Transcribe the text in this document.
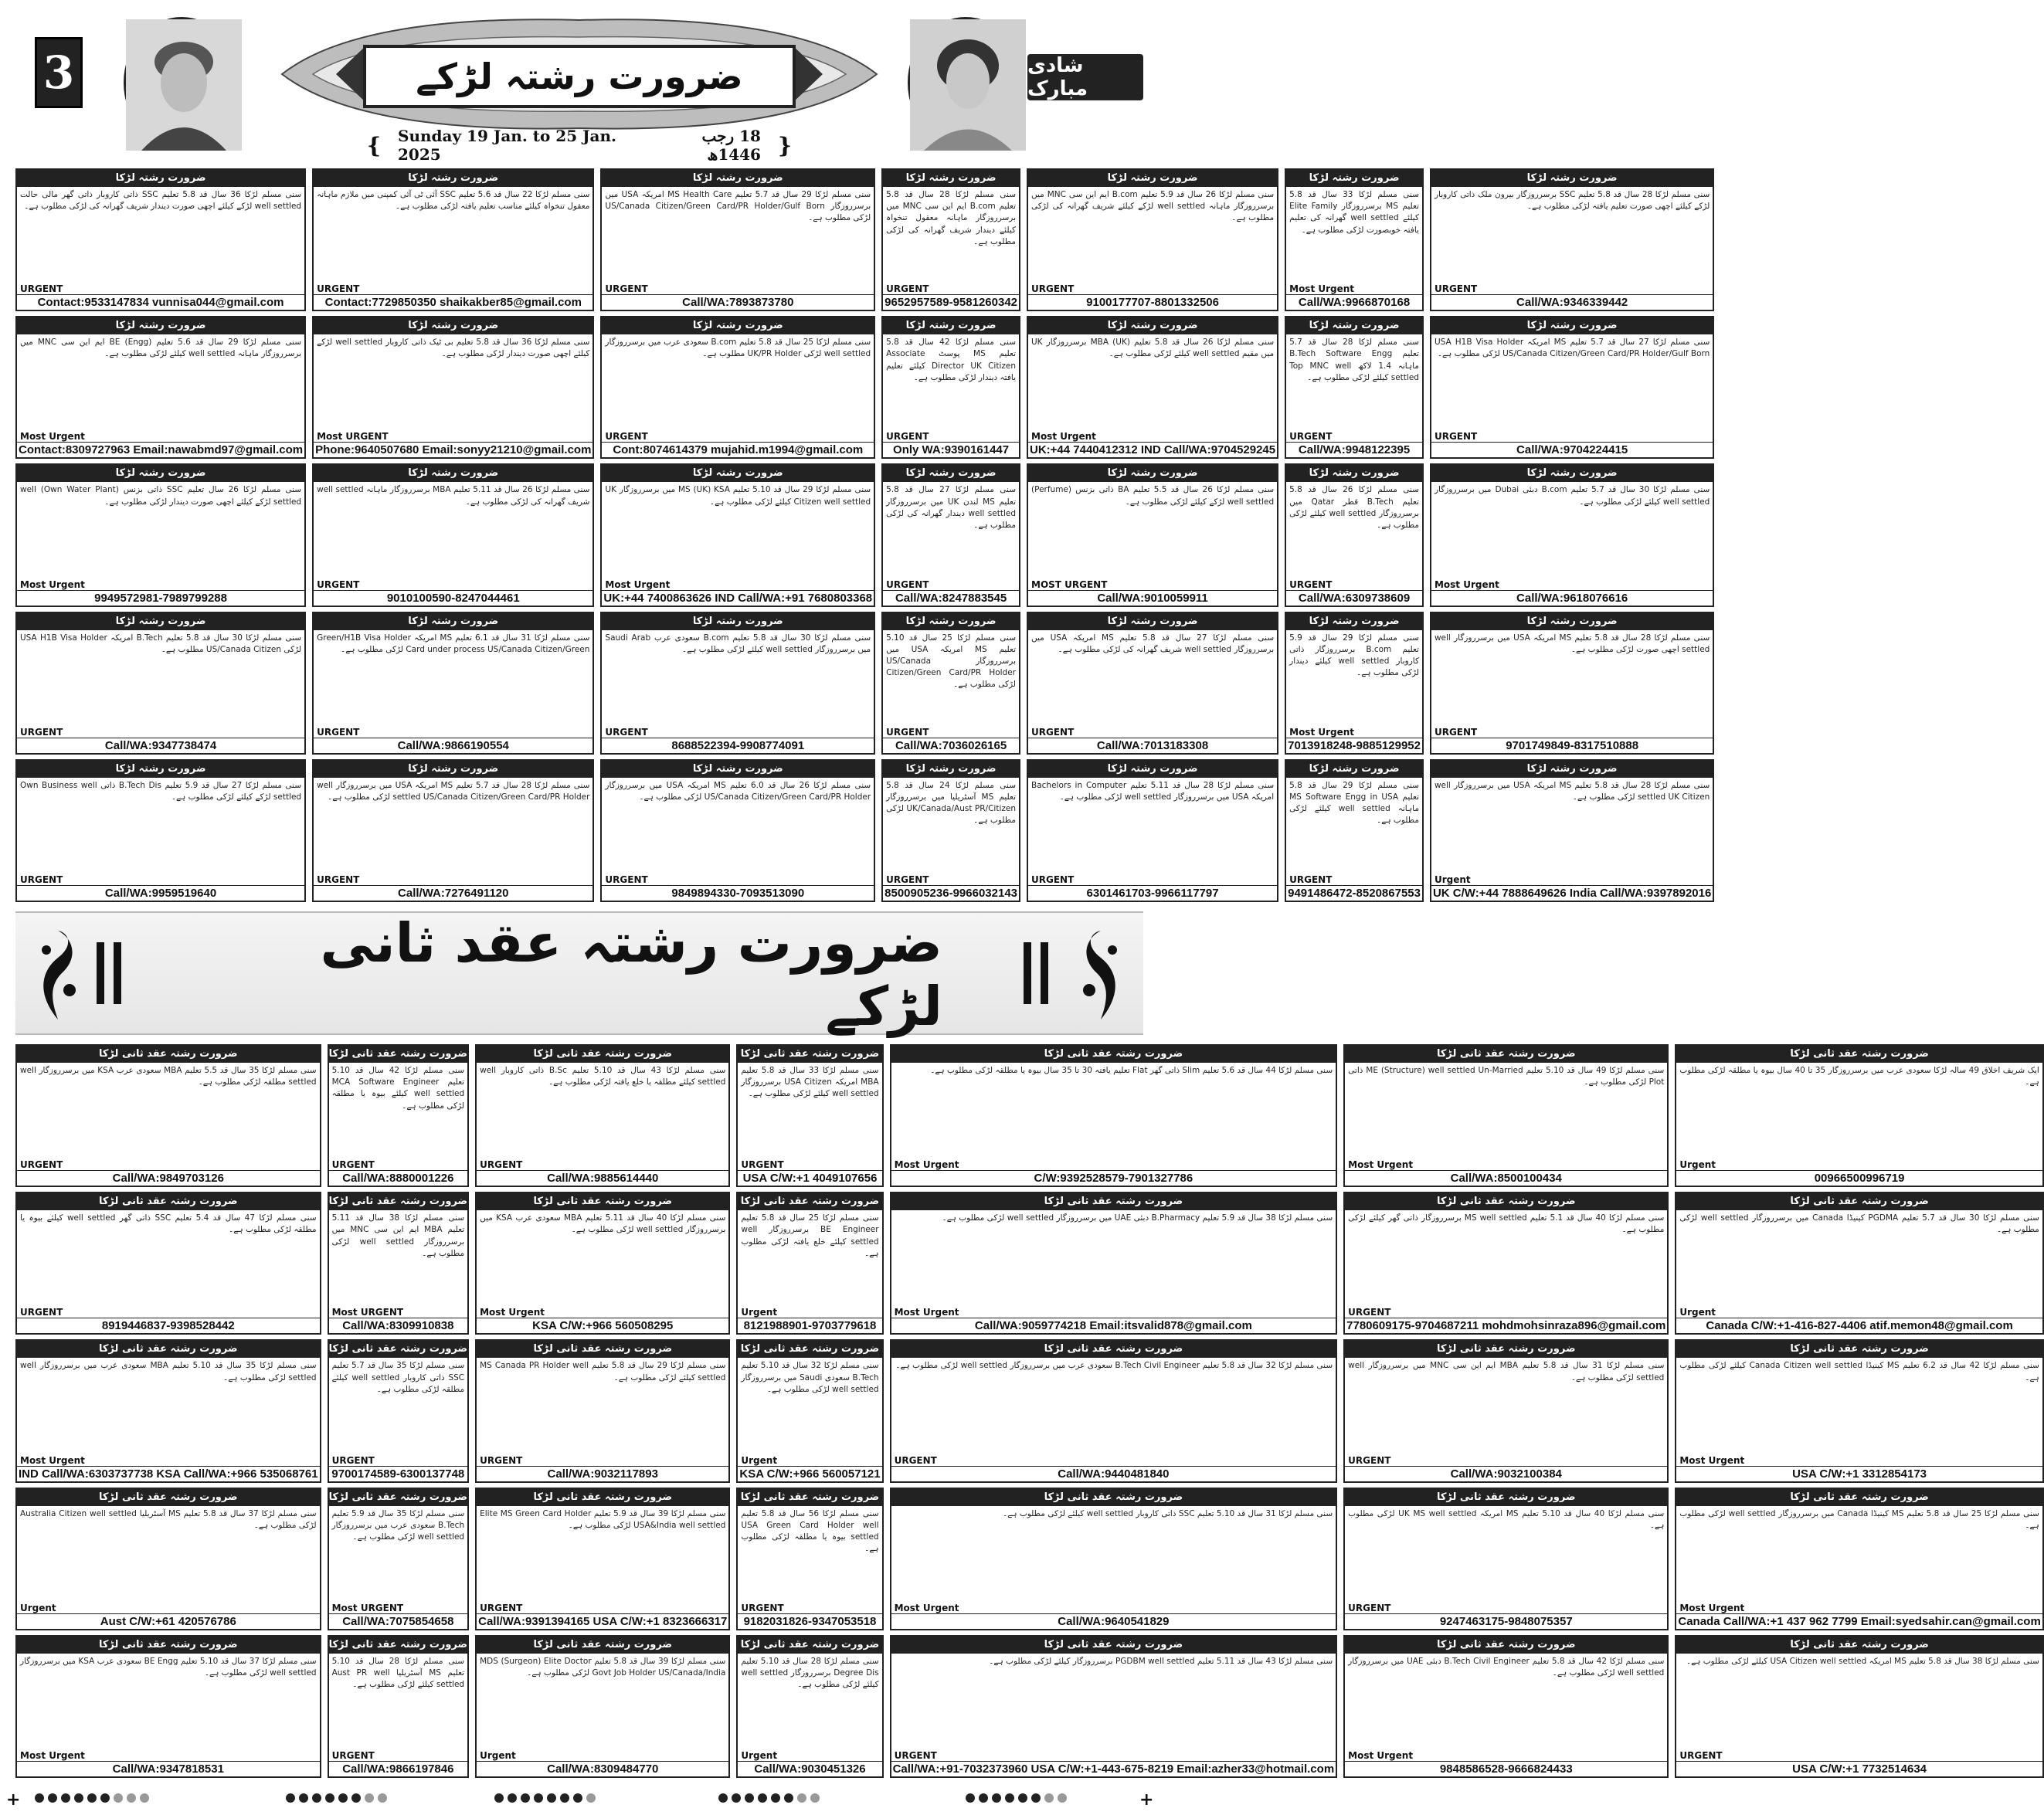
3	ضرورت رشتہ لڑکے	شادی مبارک
{ Sunday 19 Jan. to 25 Jan. 2025
18 رجب 1446ھ }
ضرورت رشتہ لڑکا
سنی مسلم لڑکا 36 سال قد 5.8 تعلیم SSC ذاتی کاروبار ذاتی گھر مالی حالت well settled لڑکے کیلئے اچھی صورت دیندار شریف گھرانہ کی لڑکی مطلوب ہے۔
URGENT
Contact:9533147834 vunnisa044@gmail.com
ضرورت رشتہ لڑکا
سنی مسلم لڑکا 22 سال قد 5.6 تعلیم SSC آئی ٹی آئی کمپنی میں ملازم ماہانہ معقول تنخواہ کیلئے مناسب تعلیم یافتہ لڑکی مطلوب ہے۔
URGENT
Contact:7729850350 shaikakber85@gmail.com
ضرورت رشتہ لڑکا
سنی مسلم لڑکا 29 سال قد 5.7 تعلیم MS Health Care امریکہ USA میں برسرروزگار US/Canada Citizen/Green Card/PR Holder/Gulf Born لڑکی مطلوب ہے۔
URGENT
Call/WA:7893873780
ضرورت رشتہ لڑکا
سنی مسلم لڑکا 28 سال قد 5.8 تعلیم B.com ایم این سی MNC میں برسرروزگار ماہانہ معقول تنخواہ کیلئے دیندار شریف گھرانہ کی لڑکی مطلوب ہے۔
URGENT
9652957589-9581260342
ضرورت رشتہ لڑکا
سنی مسلم لڑکا 26 سال قد 5.9 تعلیم B.com ایم این سی MNC میں برسرروزگار ماہانہ well settled لڑکے کیلئے شریف گھرانہ کی لڑکی مطلوب ہے۔
URGENT
9100177707-8801332506
ضرورت رشتہ لڑکا
سنی مسلم لڑکا 33 سال قد 5.8 تعلیم MS برسرروزگار Elite Family کیلئے well settled گھرانہ کی تعلیم یافتہ خوبصورت لڑکی مطلوب ہے۔
Most Urgent
Call/WA:9966870168
ضرورت رشتہ لڑکا
سنی مسلم لڑکا 28 سال قد 5.8 تعلیم SSC برسرروزگار بیرون ملک ذاتی کاروبار لڑکے کیلئے اچھی صورت تعلیم یافتہ لڑکی مطلوب ہے۔
URGENT
Call/WA:9346339442
ضرورت رشتہ لڑکا
سنی مسلم لڑکا 29 سال قد 5.6 تعلیم BE (Engg) ایم این سی MNC میں برسرروزگار ماہانہ well settled کیلئے لڑکی مطلوب ہے۔
Most Urgent
Contact:8309727963 Email:nawabmd97@gmail.com
ضرورت رشتہ لڑکا
سنی مسلم لڑکا 36 سال قد 5.8 تعلیم بی ٹیک ذاتی کاروبار well settled لڑکے کیلئے اچھی صورت دیندار لڑکی مطلوب ہے۔
Most URGENT
Phone:9640507680 Email:sonyy21210@gmail.com
ضرورت رشتہ لڑکا
سنی مسلم لڑکا 25 سال قد 5.8 تعلیم B.com سعودی عرب میں برسرروزگار well settled لڑکی UK/PR Holder مطلوب ہے۔
URGENT
Cont:8074614379 mujahid.m1994@gmail.com
ضرورت رشتہ لڑکا
سنی مسلم لڑکا 42 سال قد 5.8 تعلیم MS پوسٹ Associate Director UK Citizen کیلئے تعلیم یافتہ دیندار لڑکی مطلوب ہے۔
URGENT
Only WA:9390161447
ضرورت رشتہ لڑکا
سنی مسلم لڑکا 26 سال قد 5.8 تعلیم MBA (UK) برسرروزگار UK میں مقیم well settled کیلئے لڑکی مطلوب ہے۔
Most Urgent
UK:+44 7440412312 IND Call/WA:9704529245
ضرورت رشتہ لڑکا
سنی مسلم لڑکا 28 سال قد 5.7 تعلیم B.Tech Software Engg ماہانہ 1.4 لاکھ Top MNC well settled کیلئے لڑکی مطلوب ہے۔
URGENT
Call/WA:9948122395
ضرورت رشتہ لڑکا
سنی مسلم لڑکا 27 سال قد 5.7 تعلیم MS امریکہ USA H1B Visa Holder US/Canada Citizen/Green Card/PR Holder/Gulf Born لڑکی مطلوب ہے۔
URGENT
Call/WA:9704224415
ضرورت رشتہ لڑکا
سنی مسلم لڑکا 26 سال تعلیم SSC ذاتی بزنس (Own Water Plant) well settled لڑکے کیلئے اچھی صورت دیندار لڑکی مطلوب ہے۔
Most Urgent
9949572981-7989799288
ضرورت رشتہ لڑکا
سنی مسلم لڑکا 26 سال قد 5.11 تعلیم MBA برسرروزگار ماہانہ well settled شریف گھرانہ کی لڑکی مطلوب ہے۔
URGENT
9010100590-8247044461
ضرورت رشتہ لڑکا
سنی مسلم لڑکا 29 سال قد 5.10 تعلیم MS (UK) KSA میں برسرروزگار UK Citizen well settled کیلئے لڑکی مطلوب ہے۔
Most Urgent
UK:+44 7400863626 IND Call/WA:+91 7680803368
ضرورت رشتہ لڑکا
سنی مسلم لڑکا 27 سال قد 5.8 تعلیم MS لندن UK میں برسرروزگار well settled دیندار گھرانہ کی لڑکی مطلوب ہے۔
URGENT
Call/WA:8247883545
ضرورت رشتہ لڑکا
سنی مسلم لڑکا 26 سال قد 5.5 تعلیم BA ذاتی بزنس (Perfume) well settled لڑکے کیلئے لڑکی مطلوب ہے۔
MOST URGENT
Call/WA:9010059911
ضرورت رشتہ لڑکا
سنی مسلم لڑکا 26 سال قد 5.8 تعلیم B.Tech قطر Qatar میں برسرروزگار well settled کیلئے لڑکی مطلوب ہے۔
URGENT
Call/WA:6309738609
ضرورت رشتہ لڑکا
سنی مسلم لڑکا 30 سال قد 5.7 تعلیم B.com دبئی Dubai میں برسرروزگار well settled کیلئے لڑکی مطلوب ہے۔
Most Urgent
Call/WA:9618076616
ضرورت رشتہ لڑکا
سنی مسلم لڑکا 30 سال قد 5.8 تعلیم B.Tech امریکہ USA H1B Visa Holder لڑکی US/Canada Citizen مطلوب ہے۔
URGENT
Call/WA:9347738474
ضرورت رشتہ لڑکا
سنی مسلم لڑکا 31 سال قد 6.1 تعلیم MS امریکہ Green/H1B Visa Holder Card under process US/Canada Citizen/Green لڑکی مطلوب ہے۔
URGENT
Call/WA:9866190554
ضرورت رشتہ لڑکا
سنی مسلم لڑکا 30 سال قد 5.8 تعلیم B.com سعودی عرب Saudi Arab میں برسرروزگار well settled کیلئے لڑکی مطلوب ہے۔
URGENT
8688522394-9908774091
ضرورت رشتہ لڑکا
سنی مسلم لڑکا 25 سال قد 5.10 تعلیم MS امریکہ USA میں برسرروزگار US/Canada Citizen/Green Card/PR Holder لڑکی مطلوب ہے۔
URGENT
Call/WA:7036026165
ضرورت رشتہ لڑکا
سنی مسلم لڑکا 27 سال قد 5.8 تعلیم MS امریکہ USA میں برسرروزگار well settled شریف گھرانہ کی لڑکی مطلوب ہے۔
URGENT
Call/WA:7013183308
ضرورت رشتہ لڑکا
سنی مسلم لڑکا 29 سال قد 5.9 تعلیم B.com برسرروزگار ذاتی کاروبار well settled کیلئے دیندار لڑکی مطلوب ہے۔
Most Urgent
7013918248-9885129952
ضرورت رشتہ لڑکا
سنی مسلم لڑکا 28 سال قد 5.8 تعلیم MS امریکہ USA میں برسرروزگار well settled اچھی صورت لڑکی مطلوب ہے۔
URGENT
9701749849-8317510888
ضرورت رشتہ لڑکا
سنی مسلم لڑکا 27 سال قد 5.9 تعلیم B.Tech Dis ذاتی Own Business well settled لڑکے کیلئے لڑکی مطلوب ہے۔
URGENT
Call/WA:9959519640
ضرورت رشتہ لڑکا
سنی مسلم لڑکا 28 سال قد 5.7 تعلیم MS امریکہ USA میں برسرروزگار well settled US/Canada Citizen/Green Card/PR Holder لڑکی مطلوب ہے۔
URGENT
Call/WA:7276491120
ضرورت رشتہ لڑکا
سنی مسلم لڑکا 26 سال قد 6.0 تعلیم MS امریکہ USA میں برسرروزگار US/Canada Citizen/Green Card/PR Holder لڑکی مطلوب ہے۔
URGENT
9849894330-7093513090
ضرورت رشتہ لڑکا
سنی مسلم لڑکا 24 سال قد 5.8 تعلیم MS آسٹریلیا میں برسرروزگار UK/Canada/Aust PR/Citizen لڑکی مطلوب ہے۔
URGENT
8500905236-9966032143
ضرورت رشتہ لڑکا
سنی مسلم لڑکا 28 سال قد 5.11 تعلیم Bachelors in Computer امریکہ USA میں برسرروزگار well settled لڑکی مطلوب ہے۔
URGENT
6301461703-9966117797
ضرورت رشتہ لڑکا
سنی مسلم لڑکا 29 سال قد 5.8 تعلیم MS Software Engg in USA ماہانہ well settled کیلئے لڑکی مطلوب ہے۔
URGENT
9491486472-8520867553
ضرورت رشتہ لڑکا
سنی مسلم لڑکا 28 سال قد 5.8 تعلیم MS امریکہ USA میں برسرروزگار well settled UK Citizen لڑکی مطلوب ہے۔
Urgent
UK C/W:+44 7888649626 India Call/WA:9397892016
ضرورت رشتہ عقد ثانی لڑکے
ضرورت رشتہ عقد ثانی لڑکا
سنی مسلم لڑکا 35 سال قد 5.5 تعلیم MBA سعودی عرب KSA میں برسرروزگار well settled مطلقہ لڑکی مطلوب ہے۔
URGENT
Call/WA:9849703126
ضرورت رشتہ عقد ثانی لڑکا
سنی مسلم لڑکا 42 سال قد 5.10 تعلیم MCA Software Engineer well settled کیلئے بیوہ یا مطلقہ لڑکی مطلوب ہے۔
URGENT
Call/WA:8880001226
ضرورت رشتہ عقد ثانی لڑکا
سنی مسلم لڑکا 43 سال قد 5.10 تعلیم B.Sc ذاتی کاروبار well settled کیلئے مطلقہ یا خلع یافتہ لڑکی مطلوب ہے۔
URGENT
Call/WA:9885614440
ضرورت رشتہ عقد ثانی لڑکا
سنی مسلم لڑکا 33 سال قد 5.8 تعلیم MBA امریکہ USA Citizen برسرروزگار well settled کیلئے لڑکی مطلوب ہے۔
URGENT
USA C/W:+1 4049107656
ضرورت رشتہ عقد ثانی لڑکا
سنی مسلم لڑکا 44 سال قد 5.6 تعلیم Slim ذاتی گھر Flat تعلیم یافتہ 30 تا 35 سال بیوہ یا مطلقہ لڑکی مطلوب ہے۔
Most Urgent
C/W:9392528579-7901327786
ضرورت رشتہ عقد ثانی لڑکا
سنی مسلم لڑکا 49 سال قد 5.10 تعلیم ME (Structure) well settled Un-Married ذاتی Plot لڑکی مطلوب ہے۔
Most Urgent
Call/WA:8500100434
ضرورت رشتہ عقد ثانی لڑکا
ایک شریف اخلاق 49 سالہ لڑکا سعودی عرب میں برسرروزگار 35 تا 40 سال بیوہ یا مطلقہ لڑکی مطلوب ہے۔
Urgent
00966500996719
ضرورت رشتہ عقد ثانی لڑکا
سنی مسلم لڑکا 47 سال قد 5.4 تعلیم SSC ذاتی گھر well settled کیلئے بیوہ یا مطلقہ لڑکی مطلوب ہے۔
URGENT
8919446837-9398528442
ضرورت رشتہ عقد ثانی لڑکا
سنی مسلم لڑکا 38 سال قد 5.11 تعلیم MBA ایم این سی MNC میں برسرروزگار well settled لڑکی مطلوب ہے۔
Most URGENT
Call/WA:8309910838
ضرورت رشتہ عقد ثانی لڑکا
سنی مسلم لڑکا 40 سال قد 5.11 تعلیم MBA سعودی عرب KSA میں برسرروزگار well settled لڑکی مطلوب ہے۔
Most Urgent
KSA C/W:+966 560508295
ضرورت رشتہ عقد ثانی لڑکا
سنی مسلم لڑکا 25 سال قد 5.8 تعلیم BE Engineer برسرروزگار well settled کیلئے خلع یافتہ لڑکی مطلوب ہے۔
Urgent
8121988901-9703779618
ضرورت رشتہ عقد ثانی لڑکا
سنی مسلم لڑکا 38 سال قد 5.9 تعلیم B.Pharmacy دبئی UAE میں برسرروزگار well settled لڑکی مطلوب ہے۔
Most Urgent
Call/WA:9059774218 Email:itsvalid878@gmail.com
ضرورت رشتہ عقد ثانی لڑکا
سنی مسلم لڑکا 40 سال قد 5.1 تعلیم MS well settled برسرروزگار ذاتی گھر کیلئے لڑکی مطلوب ہے۔
URGENT
7780609175-9704687211 mohdmohsinraza896@gmail.com
ضرورت رشتہ عقد ثانی لڑکا
سنی مسلم لڑکا 30 سال قد 5.7 تعلیم PGDMA کینیڈا Canada میں برسرروزگار well settled لڑکی مطلوب ہے۔
Urgent
Canada C/W:+1-416-827-4406 atif.memon48@gmail.com
ضرورت رشتہ عقد ثانی لڑکا
سنی مسلم لڑکا 35 سال قد 5.10 تعلیم MBA سعودی عرب میں برسرروزگار well settled لڑکی مطلوب ہے۔
Most Urgent
IND Call/WA:6303737738 KSA Call/WA:+966 535068761
ضرورت رشتہ عقد ثانی لڑکا
سنی مسلم لڑکا 35 سال قد 5.7 تعلیم SSC ذاتی کاروبار well settled کیلئے مطلقہ لڑکی مطلوب ہے۔
URGENT
9700174589-6300137748
ضرورت رشتہ عقد ثانی لڑکا
سنی مسلم لڑکا 29 سال قد 5.8 تعلیم MS Canada PR Holder well settled کیلئے لڑکی مطلوب ہے۔
URGENT
Call/WA:9032117893
ضرورت رشتہ عقد ثانی لڑکا
سنی مسلم لڑکا 32 سال قد 5.10 تعلیم B.Tech سعودی Saudi میں برسرروزگار well settled لڑکی مطلوب ہے۔
Urgent
KSA C/W:+966 560057121
ضرورت رشتہ عقد ثانی لڑکا
سنی مسلم لڑکا 32 سال قد 5.8 تعلیم B.Tech Civil Engineer سعودی عرب میں برسرروزگار well settled لڑکی مطلوب ہے۔
URGENT
Call/WA:9440481840
ضرورت رشتہ عقد ثانی لڑکا
سنی مسلم لڑکا 31 سال قد 5.8 تعلیم MBA ایم این سی MNC میں برسرروزگار well settled لڑکی مطلوب ہے۔
URGENT
Call/WA:9032100384
ضرورت رشتہ عقد ثانی لڑکا
سنی مسلم لڑکا 42 سال قد 6.2 تعلیم MS کینیڈا Canada Citizen well settled کیلئے لڑکی مطلوب ہے۔
Most Urgent
USA C/W:+1 3312854173
ضرورت رشتہ عقد ثانی لڑکا
سنی مسلم لڑکا 37 سال قد 5.8 تعلیم MS آسٹریلیا Australia Citizen well settled لڑکی مطلوب ہے۔
Urgent
Aust C/W:+61 420576786
ضرورت رشتہ عقد ثانی لڑکا
سنی مسلم لڑکا 35 سال قد 5.9 تعلیم B.Tech سعودی عرب میں برسرروزگار well settled لڑکی مطلوب ہے۔
Most URGENT
Call/WA:7075854658
ضرورت رشتہ عقد ثانی لڑکا
سنی مسلم لڑکا 39 سال قد 5.9 تعلیم Elite MS Green Card Holder USA&India well settled لڑکی مطلوب ہے۔
URGENT
Call/WA:9391394165 USA C/W:+1 8323666317
ضرورت رشتہ عقد ثانی لڑکا
سنی مسلم لڑکا 56 سال قد 5.8 تعلیم USA Green Card Holder well settled بیوہ یا مطلقہ لڑکی مطلوب ہے۔
URGENT
9182031826-9347053518
ضرورت رشتہ عقد ثانی لڑکا
سنی مسلم لڑکا 31 سال قد 5.10 تعلیم SSC ذاتی کاروبار well settled کیلئے لڑکی مطلوب ہے۔
Most Urgent
Call/WA:9640541829
ضرورت رشتہ عقد ثانی لڑکا
سنی مسلم لڑکا 40 سال قد 5.10 تعلیم MS امریکہ UK MS well settled لڑکی مطلوب ہے۔
URGENT
9247463175-9848075357
ضرورت رشتہ عقد ثانی لڑکا
سنی مسلم لڑکا 25 سال قد 5.8 تعلیم MS کینیڈا Canada میں برسرروزگار well settled لڑکی مطلوب ہے۔
Most Urgent
Canada Call/WA:+1 437 962 7799 Email:syedsahir.can@gmail.com
ضرورت رشتہ عقد ثانی لڑکا
سنی مسلم لڑکا 37 سال قد 5.10 تعلیم BE Engg سعودی عرب KSA میں برسرروزگار well settled لڑکی مطلوب ہے۔
Most Urgent
Call/WA:9347818531
ضرورت رشتہ عقد ثانی لڑکا
سنی مسلم لڑکا 28 سال قد 5.10 تعلیم MS آسٹریلیا Aust PR well settled کیلئے لڑکی مطلوب ہے۔
URGENT
Call/WA:9866197846
ضرورت رشتہ عقد ثانی لڑکا
سنی مسلم لڑکا 39 سال قد 5.8 تعلیم MDS (Surgeon) Elite Doctor Govt Job Holder US/Canada/India لڑکی مطلوب ہے۔
Urgent
Call/WA:8309484770
ضرورت رشتہ عقد ثانی لڑکا
سنی مسلم لڑکا 28 سال قد 5.10 تعلیم Degree Dis برسرروزگار well settled کیلئے لڑکی مطلوب ہے۔
Urgent
Call/WA:9030451326
ضرورت رشتہ عقد ثانی لڑکا
سنی مسلم لڑکا 43 سال قد 5.11 تعلیم PGDBM well settled برسرروزگار کیلئے لڑکی مطلوب ہے۔
URGENT
Call/WA:+91-7032373960 USA C/W:+1-443-675-8219 Email:azher33@hotmail.com
ضرورت رشتہ عقد ثانی لڑکا
سنی مسلم لڑکا 42 سال قد 5.8 تعلیم B.Tech Civil Engineer دبئی UAE میں برسرروزگار well settled لڑکی مطلوب ہے۔
Most Urgent
9848586528-9666824433
ضرورت رشتہ عقد ثانی لڑکا
سنی مسلم لڑکا 38 سال قد 5.8 تعلیم MS امریکہ USA Citizen well settled کیلئے لڑکی مطلوب ہے۔
URGENT
USA C/W:+1 7732514634
+	+
